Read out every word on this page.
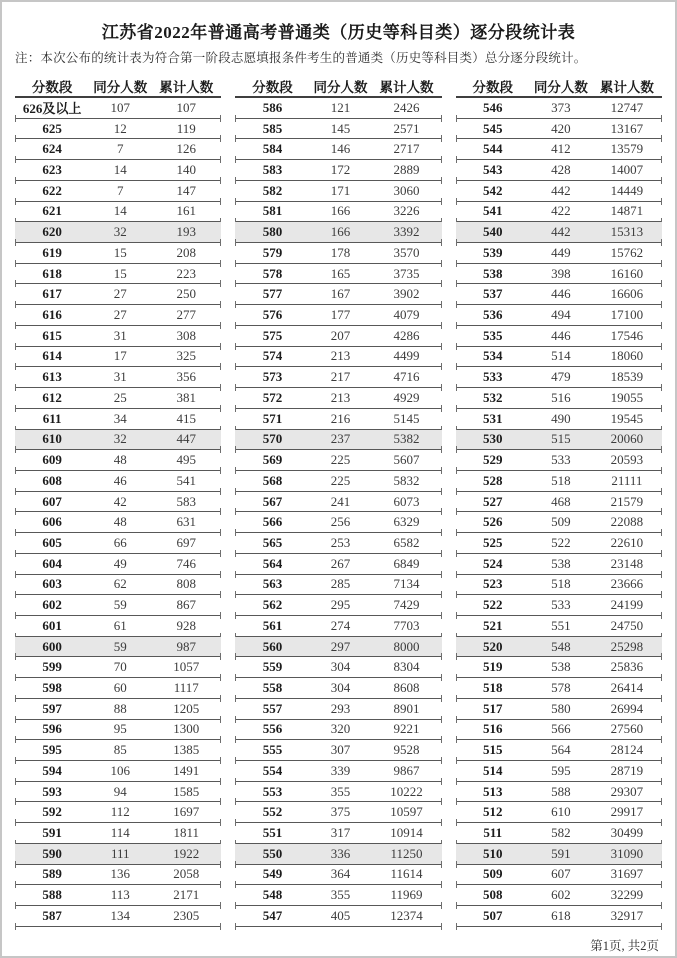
江苏省2022年普通高考普通类（历史等科目类）逐分段统计表
注：本次公布的统计表为符合第一阶段志愿填报条件考生的普通类（历史等科目类）总分逐分段统计。
分数段	同分人数 累计人数
626及以上	107	107
625	12	119
624	7	126
623	14	140
622	7	147
621	14	161
620	32	193
619	15	208
618	15	223
617	27	250
616	27	277
615	31	308
614	17	325
613	31	356
612	25	381
611	34	415
610	32	447
609	48	495
608	46	541
607	42	583
606	48	631
605	66	697
604	49	746
603	62	808
602	59	867
601	61	928
600	59	987
599	70	1057
598	60	1117
597	88	1205
596	95	1300
595	85	1385
594	106	1491
593	94	1585
592	112	1697
591	114	1811
590	111	1922
589	136	2058
588	113	2171
587	134	2305
分数段	同分人数 累计人数
586	121	2426
585	145	2571
584	146	2717
583	172	2889
582	171	3060
581	166	3226
580	166	3392
579	178	3570
578	165	3735
577	167	3902
576	177	4079
575	207	4286
574	213	4499
573	217	4716
572	213	4929
571	216	5145
570	237	5382
569	225	5607
568	225	5832
567	241	6073
566	256	6329
565	253	6582
564	267	6849
563	285	7134
562	295	7429
561	274	7703
560	297	8000
559	304	8304
558	304	8608
557	293	8901
556	320	9221
555	307	9528
554	339	9867
553	355	10222
552	375	10597
551	317	10914
550	336	11250
549	364	11614
548	355	11969
547	405	12374
分数段	同分人数 累计人数
546	373	12747
545	420	13167
544	412	13579
543	428	14007
542	442	14449
541	422	14871
540	442	15313
539	449	15762
538	398	16160
537	446	16606
536	494	17100
535	446	17546
534	514	18060
533	479	18539
532	516	19055
531	490	19545
530	515	20060
529	533	20593
528	518	21111
527	468	21579
526	509	22088
525	522	22610
524	538	23148
523	518	23666
522	533	24199
521	551	24750
520	548	25298
519	538	25836
518	578	26414
517	580	26994
516	566	27560
515	564	28124
514	595	28719
513	588	29307
512	610	29917
511	582	30499
510	591	31090
509	607	31697
508	602	32299
507	618	32917
第1页, 共2页
